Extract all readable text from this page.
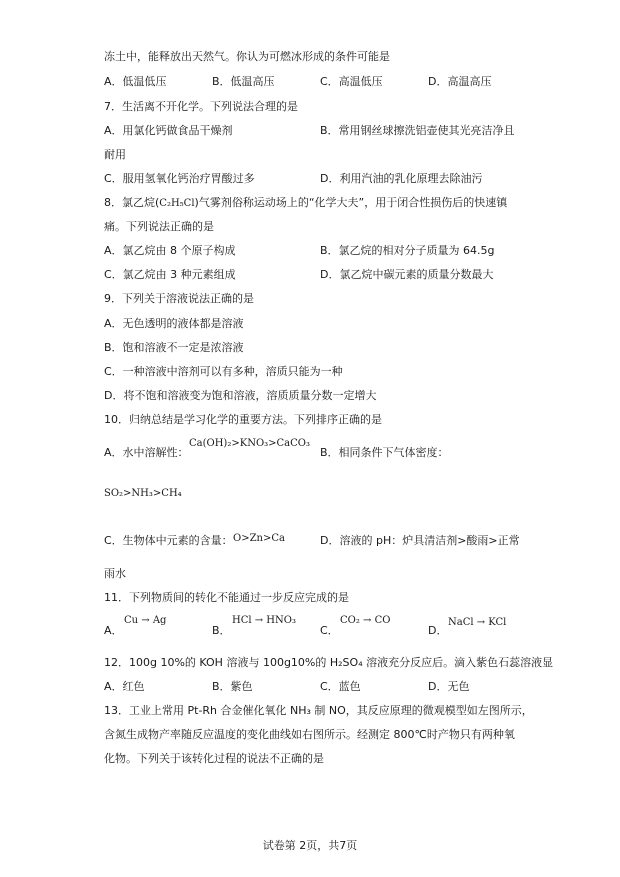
冻土中，能释放出天然气。你认为可燃冰形成的条件可能是
A．低温低压	B．低温高压	C．高温低压	D．高温高压
7．生活离不开化学。下列说法合理的是
A．用氯化钙做食品干燥剂	B．常用钢丝球擦洗铝壶使其光亮洁净且
耐用
C．服用氢氧化钙治疗胃酸过多	D．利用汽油的乳化原理去除油污
8．氯乙烷(C₂H₅Cl)气雾剂俗称运动场上的“化学大夫”，用于闭合性损伤后的快速镇
痛。下列说法正确的是
A．氯乙烷由 8 个原子构成	B．氯乙烷的相对分子质量为 64.5g
C．氯乙烷由 3 种元素组成	D．氯乙烷中碳元素的质量分数最大
9．下列关于溶液说法正确的是
A．无色透明的液体都是溶液
B．饱和溶液不一定是浓溶液
C．一种溶液中溶剂可以有多种，溶质只能为一种
D．将不饱和溶液变为饱和溶液，溶质质量分数一定增大
10．归纳总结是学习化学的重要方法。下列排序正确的是
A．水中溶解性：
Ca(OH)₂>KNO₃>CaCO₃
B．相同条件下气体密度：
SO₂>NH₃>CH₄
C．生物体中元素的含量： O>Zn>Ca	D．溶液的 pH：炉具清洁剂>酸雨>正常
雨水
11．下列物质间的转化不能通过一步反应完成的是
A．
Cu → Ag
B．
HCl → HNO₃
C．
CO₂ → CO
D．
NaCl → KCl
12．100g 10%的 KOH 溶液与 100g10%的 H₂SO₄ 溶液充分反应后。滴入紫色石蕊溶液显
A．红色	B．紫色	C．蓝色	D．无色
13．工业上常用 Pt-Rh 合金催化氧化 NH₃ 制 NO，其反应原理的微观模型如左图所示，
含氮生成物产率随反应温度的变化曲线如右图所示。经测定 800℃时产物只有两种氧
化物。下列关于该转化过程的说法不正确的是
试卷第 2页，共7页
